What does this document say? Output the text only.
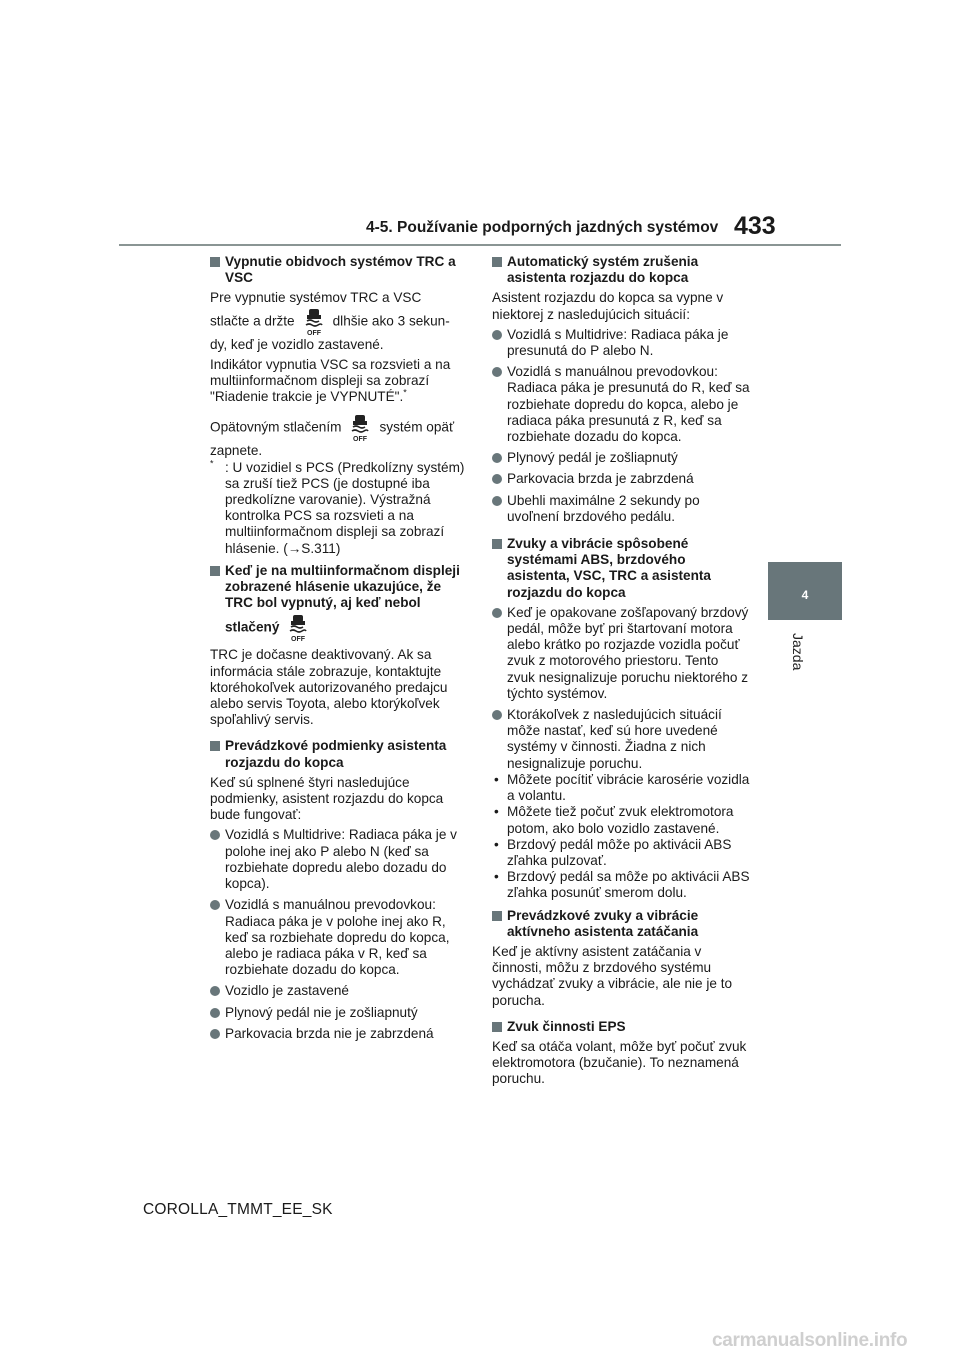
4-5. Používanie podporných jazdných systémov 433
4
Jazda
Vypnutie obidvoch systémov TRC a VSC
Pre vypnutie systémov TRC a VSC
stlačte a držte
OFF
dlhšie ako 3 sekun-
dy, keď je vozidlo zastavené.
Indikátor vypnutia VSC sa rozsvieti a na multiinformačnom displeji sa zobrazí "Riadenie trakcie je VYPNUTÉ".*
Opätovným stlačením
OFF
systém opäť
zapnete.
* : U vozidiel s PCS (Predkolízny systém) sa zruší tiež PCS (je dostupné iba predkolízne varovanie). Výstražná kontrolka PCS sa rozsvieti a na multiinformačnom displeji sa zobrazí hlásenie. (→S.311)
Keď je na multiinformačnom displeji zobrazené hlásenie ukazujúce, že TRC bol vypnutý, aj keď nebol
stlačený
OFF
TRC je dočasne deaktivovaný. Ak sa informácia stále zobrazuje, kontaktujte ktoréhokoľvek autorizovaného predajcu alebo servis Toyota, alebo ktorýkoľvek spoľahlivý servis.
Prevádzkové podmienky asistenta rozjazdu do kopca
Keď sú splnené štyri nasledujúce podmienky, asistent rozjazdu do kopca bude fungovať:
Vozidlá s Multidrive: Radiaca páka je v polohe inej ako P alebo N (keď sa rozbiehate dopredu alebo dozadu do kopca).
Vozidlá s manuálnou prevodovkou: Radiaca páka je v polohe inej ako R, keď sa rozbiehate dopredu do kopca, alebo je radiaca páka v R, keď sa rozbiehate dozadu do kopca.
Vozidlo je zastavené
Plynový pedál nie je zošliapnutý
Parkovacia brzda nie je zabrzdená
Automatický systém zrušenia asistenta rozjazdu do kopca
Asistent rozjazdu do kopca sa vypne v niektorej z nasledujúcich situácií:
Vozidlá s Multidrive: Radiaca páka je presunutá do P alebo N.
Vozidlá s manuálnou prevodovkou: Radiaca páka je presunutá do R, keď sa rozbiehate dopredu do kopca, alebo je radiaca páka presunutá z R, keď sa rozbiehate dozadu do kopca.
Plynový pedál je zošliapnutý
Parkovacia brzda je zabrzdená
Ubehli maximálne 2 sekundy po uvoľnení brzdového pedálu.
Zvuky a vibrácie spôsobené systémami ABS, brzdového asistenta, VSC, TRC a asistenta rozjazdu do kopca
Keď je opakovane zošľapovaný brzdový pedál, môže byť pri štartovaní motora alebo krátko po rozjazde vozidla počuť zvuk z motorového priestoru. Tento zvuk nesignalizuje poruchu niektorého z týchto systémov.
Ktorákoľvek z nasledujúcich situácií môže nastať, keď sú hore uvedené systémy v činnosti. Žiadna z nich nesignalizuje poruchu.
• Môžete pocítiť vibrácie karosérie vozidla a volantu.
• Môžete tiež počuť zvuk elektromotora potom, ako bolo vozidlo zastavené.
• Brzdový pedál môže po aktivácii ABS zľahka pulzovať.
• Brzdový pedál sa môže po aktivácii ABS zľahka posunúť smerom dolu.
Prevádzkové zvuky a vibrácie aktívneho asistenta zatáčania
Keď je aktívny asistent zatáčania v činnosti, môžu z brzdového systému vychádzať zvuky a vibrácie, ale nie je to porucha.
Zvuk činnosti EPS
Keď sa otáča volant, môže byť počuť zvuk elektromotora (bzučanie). To neznamená poruchu.
COROLLA_TMMT_EE_SK
carmanualsonline.info
